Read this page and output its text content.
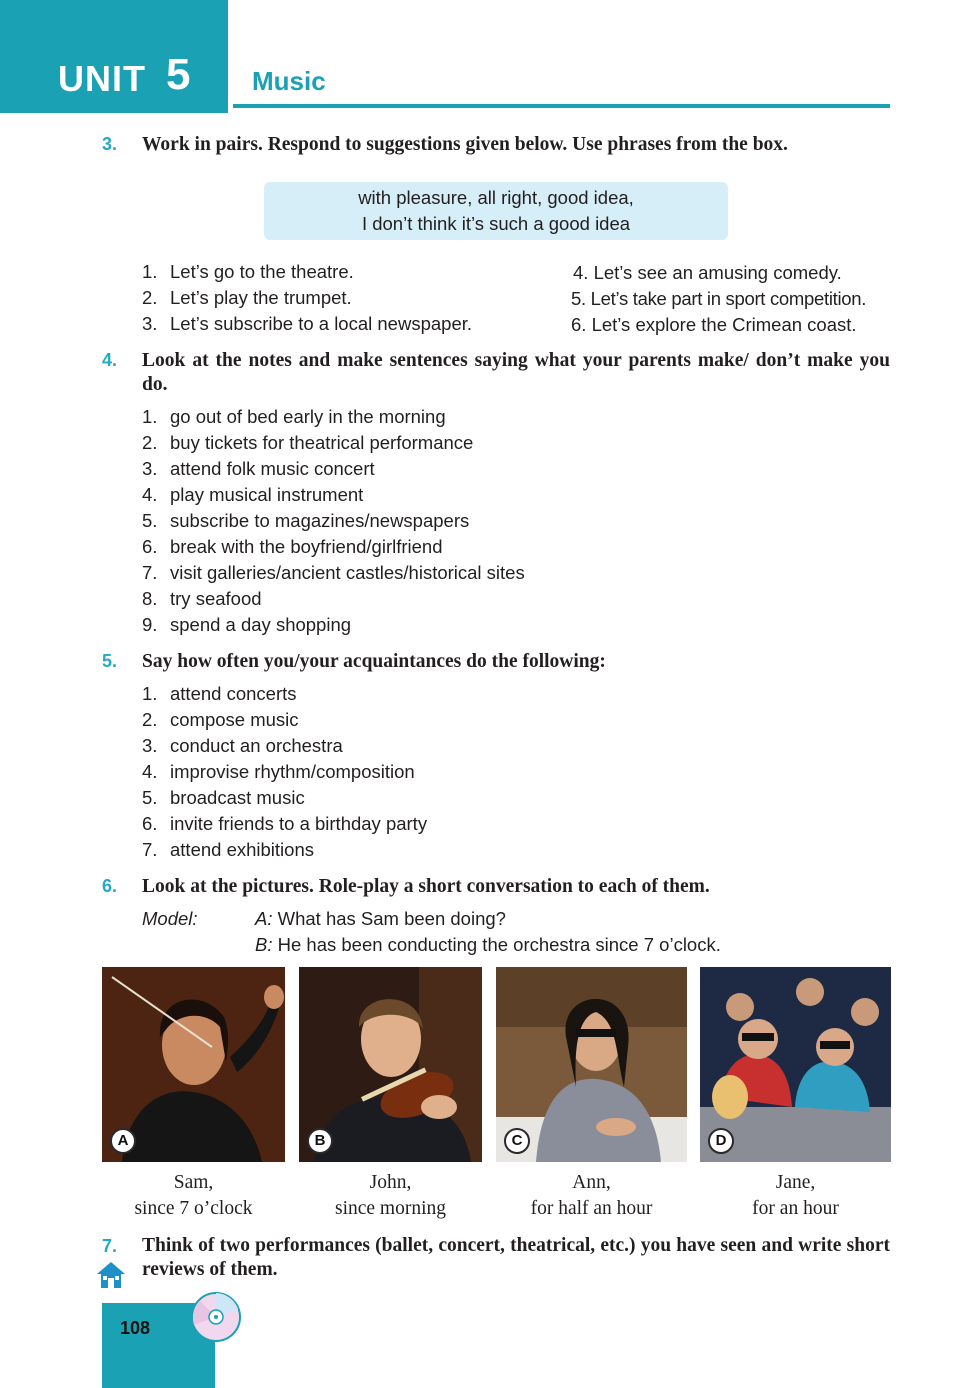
UNIT 5 Music
3. Work in pairs. Respond to suggestions given below. Use phrases from the box.
with pleasure, all right, good idea,
I don’t think it’s such a good idea
1. Let’s go to the theatre.
2. Let’s play the trumpet.
3. Let’s subscribe to a local newspaper.
4. Let’s see an amusing comedy.
5. Let’s take part in sport competition.
6. Let’s explore the Crimean coast.
4. Look at the notes and make sentences saying what your parents make/ don’t make you do.
1. go out of bed early in the morning
2. buy tickets for theatrical performance
3. attend folk music concert
4. play musical instrument
5. subscribe to magazines/newspapers
6. break with the boyfriend/girlfriend
7. visit galleries/ancient castles/historical sites
8. try seafood
9. spend a day shopping
5. Say how often you/your acquaintances do the following:
1. attend concerts
2. compose music
3. conduct an orchestra
4. improvise rhythm/composition
5. broadcast music
6. invite friends to a birthday party
7. attend exhibitions
6. Look at the pictures. Role-play a short conversation to each of them.
Model:	A: What has Sam been doing?
B: He has been conducting the orchestra since 7 o’clock.
A	B	C	D
Sam,
since 7 o’clock
John,
since morning
Ann,
for half an hour
Jane,
for an hour
7. Think of two performances (ballet, concert, theatrical, etc.) you have seen and write short reviews of them.
108
